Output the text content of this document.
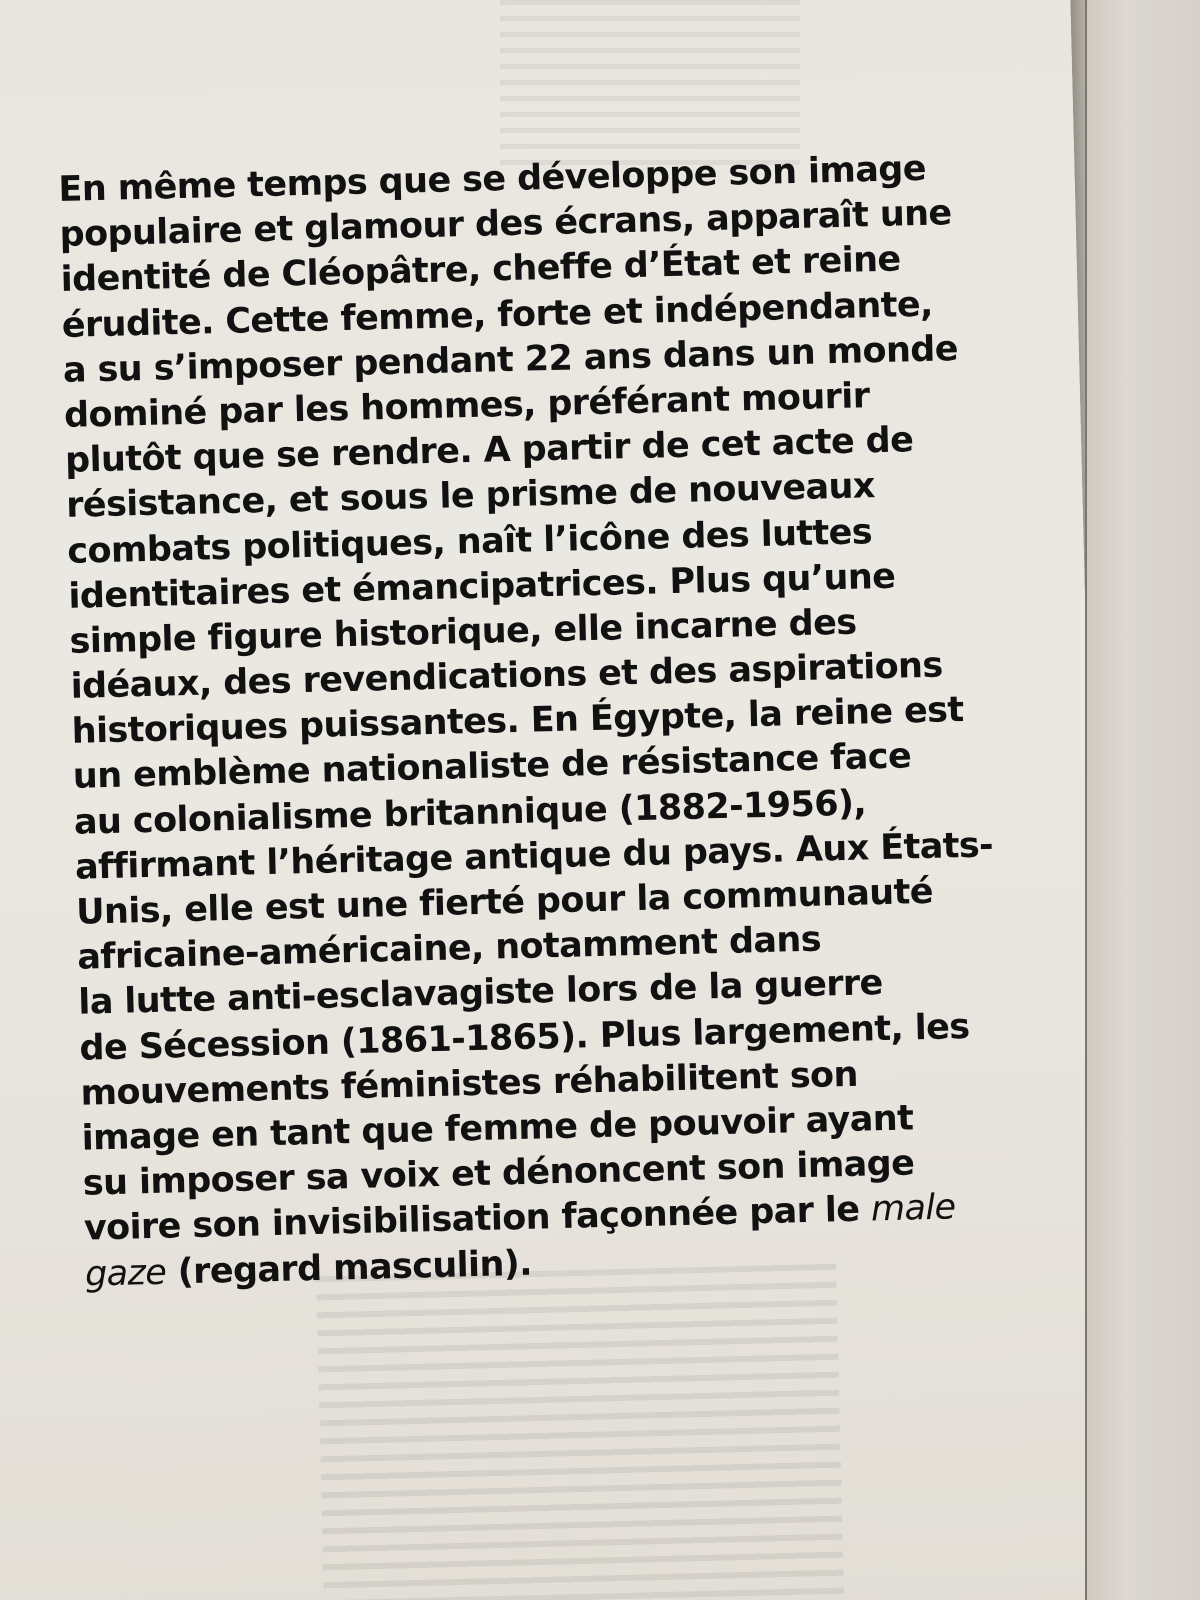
En même temps que se développe son image
populaire et glamour des écrans, apparaît une
identité de Cléopâtre, cheffe d’État et reine
érudite. Cette femme, forte et indépendante,
a su s’imposer pendant 22 ans dans un monde
dominé par les hommes, préférant mourir
plutôt que se rendre. A partir de cet acte de
résistance, et sous le prisme de nouveaux
combats politiques, naît l’icône des luttes
identitaires et émancipatrices. Plus qu’une
simple figure historique, elle incarne des
idéaux, des revendications et des aspirations
historiques puissantes. En Égypte, la reine est
un emblème nationaliste de résistance face
au colonialisme britannique (1882-1956),
affirmant l’héritage antique du pays. Aux États-
Unis, elle est une fierté pour la communauté
africaine-américaine, notamment dans
la lutte anti-esclavagiste lors de la guerre
de Sécession (1861-1865). Plus largement, les
mouvements féministes réhabilitent son
image en tant que femme de pouvoir ayant
su imposer sa voix et dénoncent son image
voire son invisibilisation façonnée par le male
gaze (regard masculin).
